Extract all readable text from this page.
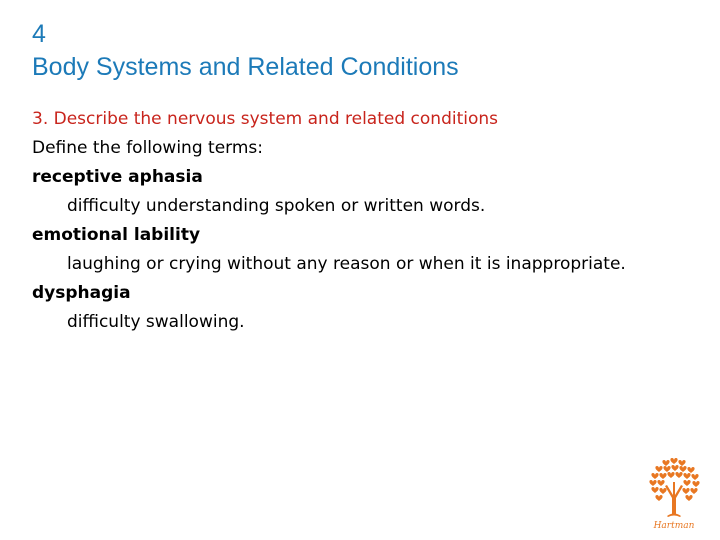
4
Body Systems and Related Conditions
3. Describe the nervous system and related conditions
Define the following terms:
receptive aphasia
difficulty understanding spoken or written words.
emotional lability
laughing or crying without any reason or when it is inappropriate.
dysphagia
difficulty swallowing.
Hartman
